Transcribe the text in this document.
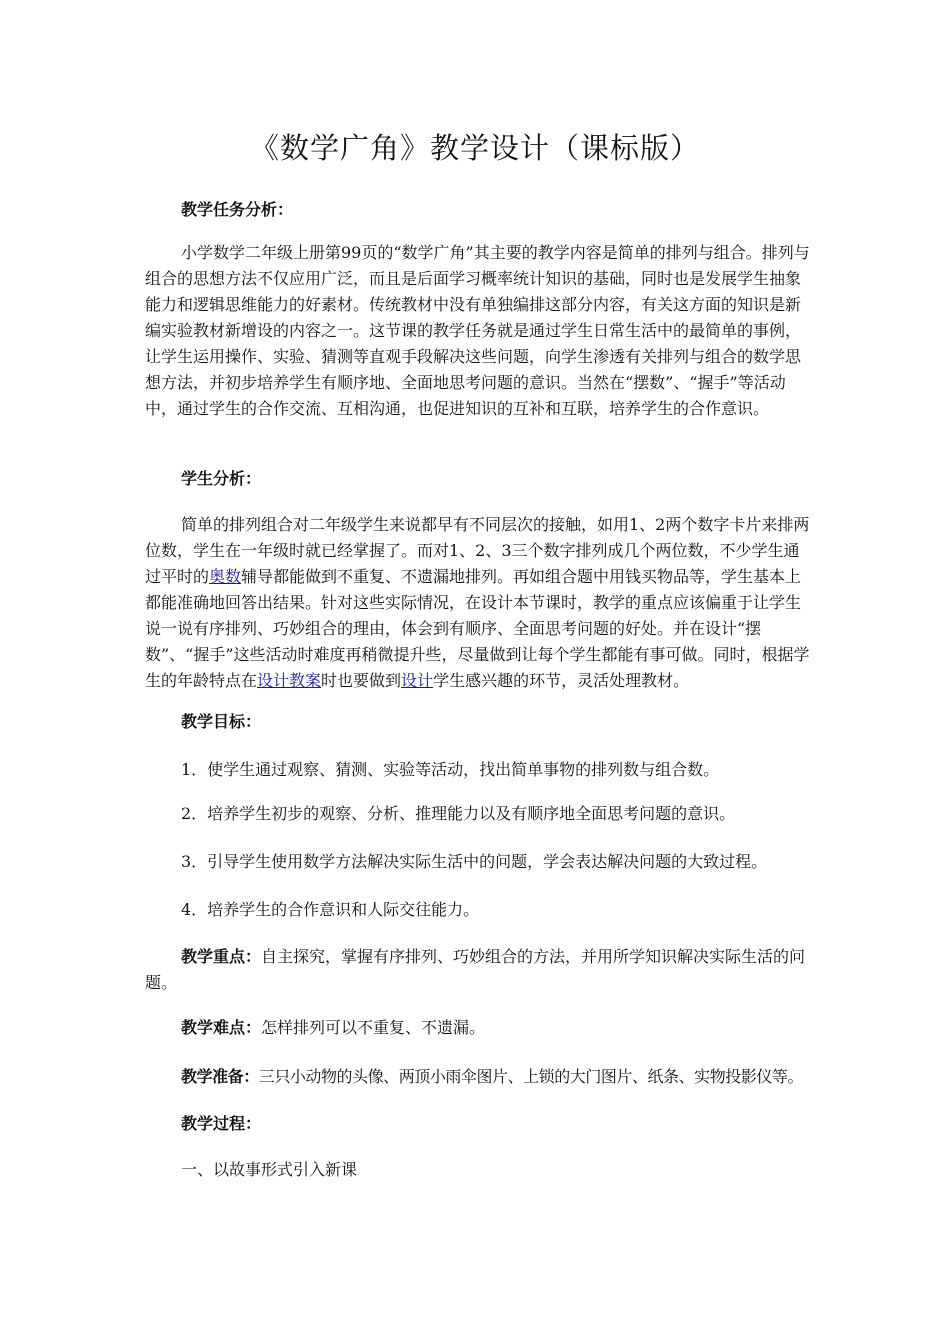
《数学广角》教学设计（课标版）
教学任务分析：
小学数学二年级上册第99页的“数学广角”其主要的教学内容是简单的排列与组合。排列与组合的思想方法不仅应用广泛，而且是后面学习概率统计知识的基础，同时也是发展学生抽象能力和逻辑思维能力的好素材。传统教材中没有单独编排这部分内容，有关这方面的知识是新编实验教材新增设的内容之一。这节课的教学任务就是通过学生日常生活中的最简单的事例，让学生运用操作、实验、猜测等直观手段解决这些问题，向学生渗透有关排列与组合的数学思想方法，并初步培养学生有顺序地、全面地思考问题的意识。当然在“摆数”、“握手”等活动中，通过学生的合作交流、互相沟通，也促进知识的互补和互联，培养学生的合作意识。
学生分析：
简单的排列组合对二年级学生来说都早有不同层次的接触，如用1、2两个数字卡片来排两位数，学生在一年级时就已经掌握了。而对1、2、3三个数字排列成几个两位数，不少学生通过平时的奥数辅导都能做到不重复、不遗漏地排列。再如组合题中用钱买物品等，学生基本上都能准确地回答出结果。针对这些实际情况，在设计本节课时，教学的重点应该偏重于让学生说一说有序排列、巧妙组合的理由，体会到有顺序、全面思考问题的好处。并在设计“摆数”、“握手”这些活动时难度再稍微提升些，尽量做到让每个学生都能有事可做。同时，根据学生的年龄特点在设计教案时也要做到设计学生感兴趣的环节，灵活处理教材。
教学目标：
1．使学生通过观察、猜测、实验等活动，找出简单事物的排列数与组合数。
2．培养学生初步的观察、分析、推理能力以及有顺序地全面思考问题的意识。
3．引导学生使用数学方法解决实际生活中的问题，学会表达解决问题的大致过程。
4．培养学生的合作意识和人际交往能力。
教学重点：自主探究，掌握有序排列、巧妙组合的方法，并用所学知识解决实际生活的问题。
教学难点：怎样排列可以不重复、不遗漏。
教学准备：三只小动物的头像、两顶小雨伞图片、上锁的大门图片、纸条、实物投影仪等。
教学过程：
一、以故事形式引入新课
